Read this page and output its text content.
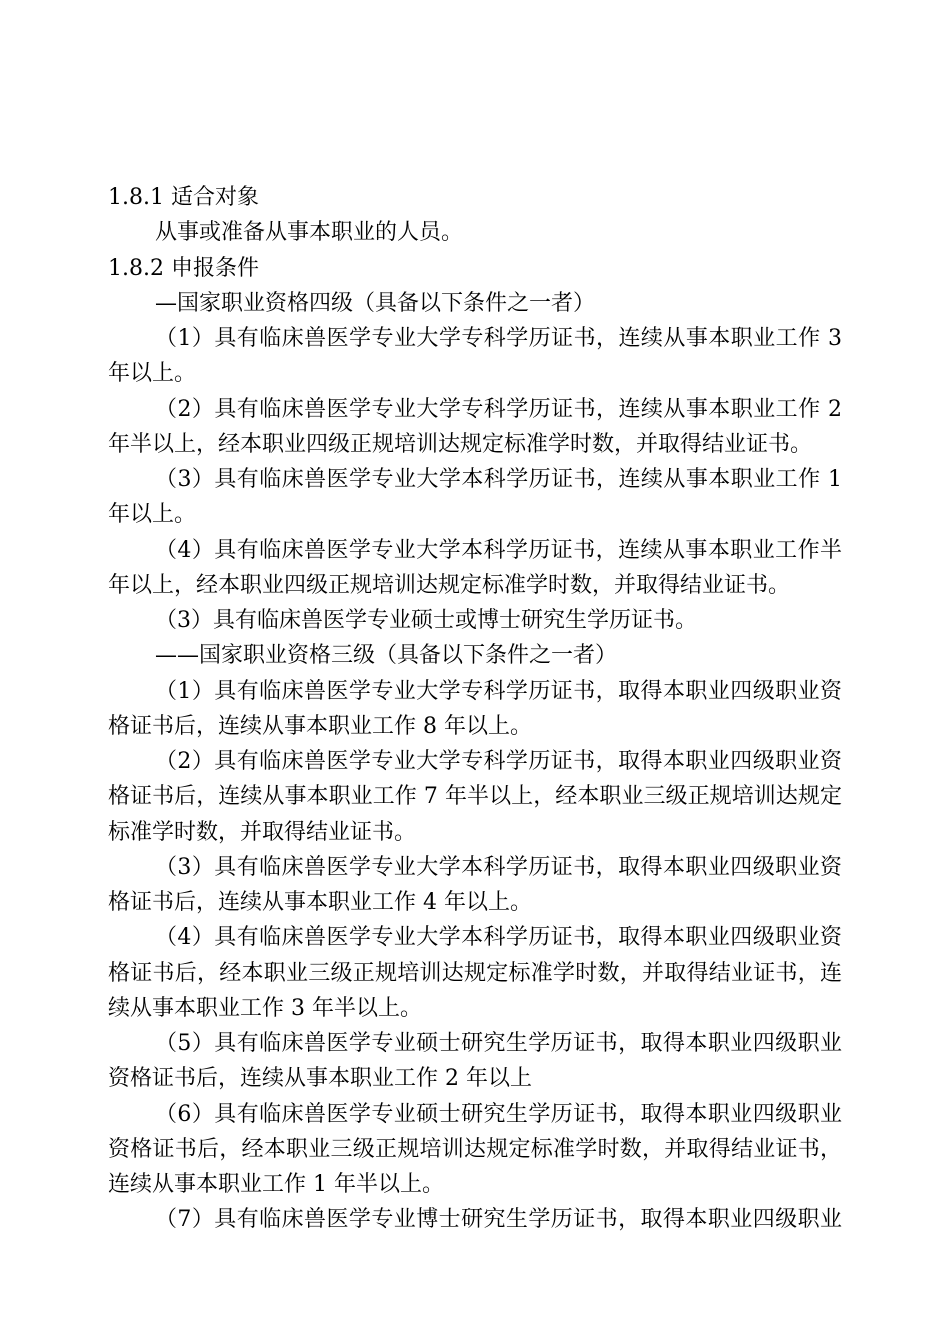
1.8.1 适合对象
从事或准备从事本职业的人员。
1.8.2 申报条件
—国家职业资格四级（具备以下条件之一者）
（1）具有临床兽医学专业大学专科学历证书，连续从事本职业工作 3
年以上。
（2）具有临床兽医学专业大学专科学历证书，连续从事本职业工作 2
年半以上，经本职业四级正规培训达规定标准学时数，并取得结业证书。
（3）具有临床兽医学专业大学本科学历证书，连续从事本职业工作 1
年以上。
（4）具有临床兽医学专业大学本科学历证书，连续从事本职业工作半
年以上，经本职业四级正规培训达规定标准学时数，并取得结业证书。
（3）具有临床兽医学专业硕士或博士研究生学历证书。
——国家职业资格三级（具备以下条件之一者）
（1）具有临床兽医学专业大学专科学历证书，取得本职业四级职业资
格证书后，连续从事本职业工作 8 年以上。
（2）具有临床兽医学专业大学专科学历证书，取得本职业四级职业资
格证书后，连续从事本职业工作 7 年半以上，经本职业三级正规培训达规定
标准学时数，并取得结业证书。
（3）具有临床兽医学专业大学本科学历证书，取得本职业四级职业资
格证书后，连续从事本职业工作 4 年以上。
（4）具有临床兽医学专业大学本科学历证书，取得本职业四级职业资
格证书后，经本职业三级正规培训达规定标准学时数，并取得结业证书，连
续从事本职业工作 3 年半以上。
（5）具有临床兽医学专业硕士研究生学历证书，取得本职业四级职业
资格证书后，连续从事本职业工作 2 年以上
（6）具有临床兽医学专业硕士研究生学历证书，取得本职业四级职业
资格证书后，经本职业三级正规培训达规定标准学时数，并取得结业证书，
连续从事本职业工作 1 年半以上。
（7）具有临床兽医学专业博士研究生学历证书，取得本职业四级职业
